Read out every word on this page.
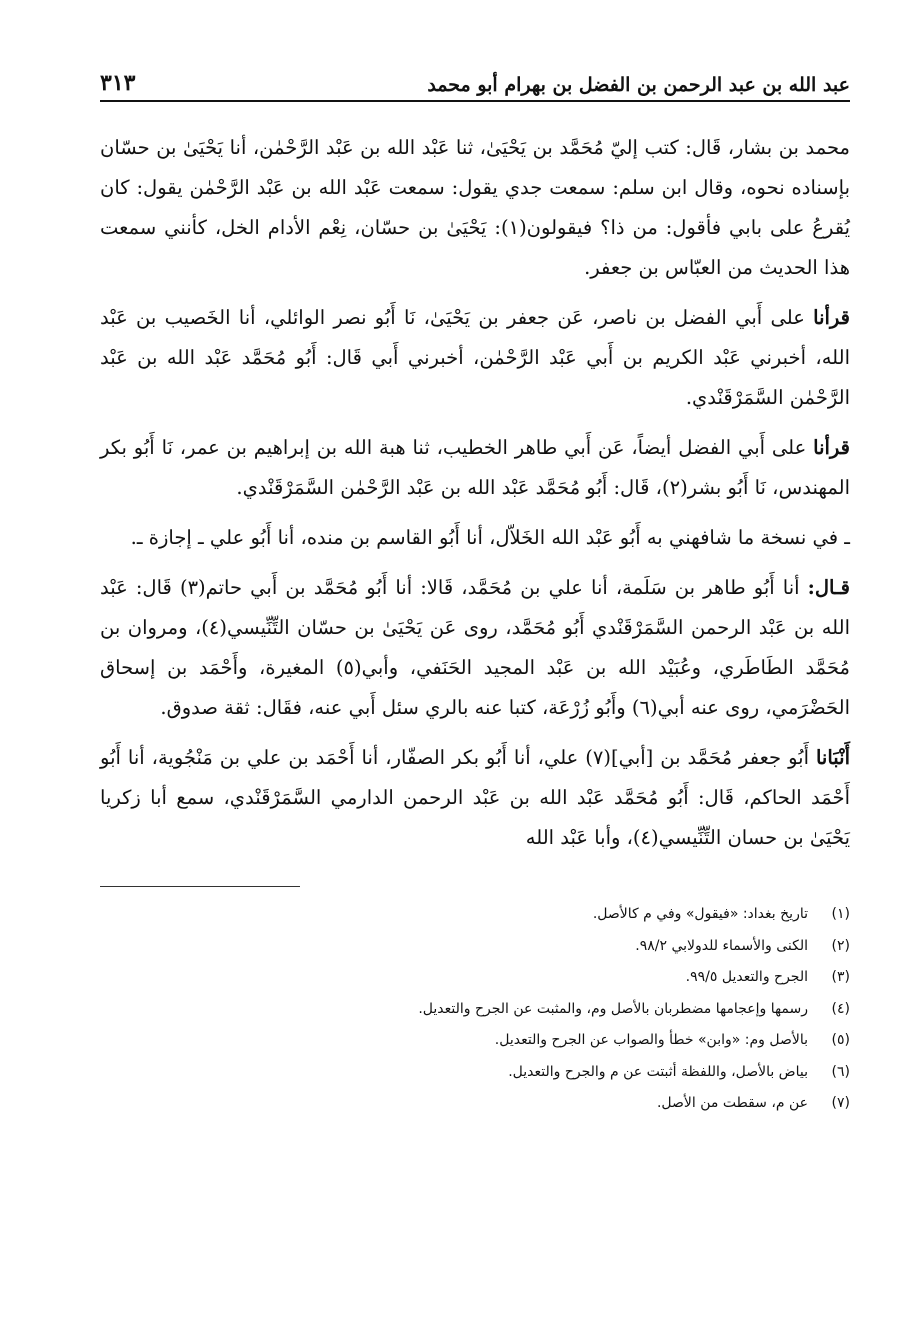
عبد الله بن عبد الرحمن بن الفضل بن بهرام أبو محمد
٣١٣

محمد بن بشار، قَال: كتب إليّ مُحَمَّد بن يَحْيَىٰ، ثنا عَبْد الله بن عَبْد الرَّحْمٰن، أنا يَحْيَىٰ بن حسّان بإسناده نحوه، وقال ابن سلم: سمعت جدي يقول: سمعت عَبْد الله بن عَبْد الرَّحْمٰن يقول: كان يُقرعُ على بابي فأقول: من ذا؟ فيقولون(١): يَحْيَىٰ بن حسّان، نِعْم الأدام الخل، كأنني سمعت هذا الحديث من العبّاس بن جعفر.

قرأنا على أَبي الفضل بن ناصر، عَن جعفر بن يَحْيَىٰ، نَا أَبُو نصر الوائلي، أنا الخَصيب بن عَبْد الله، أخبرني عَبْد الكريم بن أَبي عَبْد الرَّحْمٰن، أخبرني أَبي قَال: أَبُو مُحَمَّد عَبْد الله بن عَبْد الرَّحْمٰن السَّمَرْقَنْدي.

قرأنا على أَبي الفضل أيضاً، عَن أَبي طاهر الخطيب، ثنا هبة الله بن إبراهيم بن عمر، نَا أَبُو بكر المهندس، نَا أَبُو بشر(٢)، قَال: أَبُو مُحَمَّد عَبْد الله بن عَبْد الرَّحْمٰن السَّمَرْقَنْدي.

ـ في نسخة ما شافهني به أَبُو عَبْد الله الخَلاّل، أنا أَبُو القاسم بن منده، أنا أَبُو علي ـ إجازة ـ.

قـال: أنا أَبُو طاهر بن سَلَمة، أنا علي بن مُحَمَّد، قَالا: أنا أَبُو مُحَمَّد بن أَبي حاتم(٣) قَال: عَبْد الله بن عَبْد الرحمن السَّمَرْقَنْدي أَبُو مُحَمَّد، روى عَن يَحْيَىٰ بن حسّان التِّنِّيسي(٤)، ومروان بن مُحَمَّد الطَاطَري، وعُبَيْد الله بن عَبْد المجيد الحَنَفي، وأبي(٥) المغيرة، وأَحْمَد بن إسحاق الحَضْرَمي، روى عنه أبي(٦) وأَبُو زُرْعَة، كتبا عنه بالري سئل أَبي عنه، فقَال: ثقة صدوق.

أَنْبَانا أَبُو جعفر مُحَمَّد بن [أبي](٧) علي، أنا أَبُو بكر الصفّار، أنا أَحْمَد بن علي بن مَنْجُوية، أنا أَبُو أَحْمَد الحاكم، قَال: أَبُو مُحَمَّد عَبْد الله بن عَبْد الرحمن الدارمي السَّمَرْقَنْدي، سمع أبا زكريا يَحْيَىٰ بن حسان التِّنِّيسي(٤)، وأبا عَبْد الله

(١)
تاريخ بغداد: «فيقول» وفي م كالأصل.
(٢)
الكنى والأسماء للدولابي ٩٨/٢.
(٣)
الجرح والتعديل ٩٩/٥.
(٤)
رسمها وإعجامها مضطربان بالأصل وم، والمثبت عن الجرح والتعديل.
(٥)
بالأصل وم: «وابن» خطأ والصواب عن الجرح والتعديل.
(٦)
بياض بالأصل، واللفظة أثبتت عن م والجرح والتعديل.
(٧)
عن م، سقطت من الأصل.
